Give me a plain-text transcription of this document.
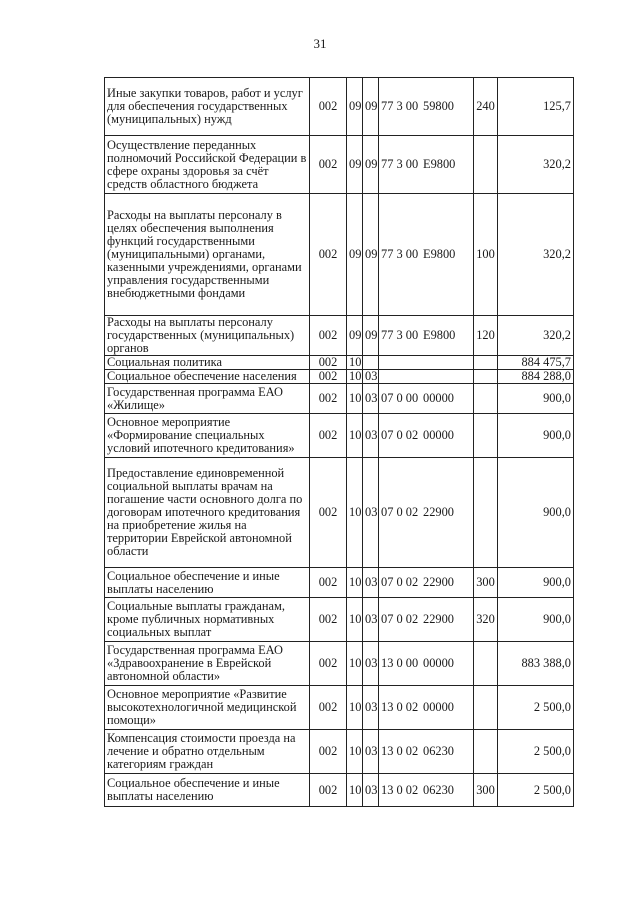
31
Иные закупки товаров, работ и услуг для обеспечения государственных (муниципальных) нужд	002	09	09	77 3 00 59800	240	125,7
Осуществление переданных полномочий Российской Федерации в сфере охраны здоровья за счёт средств областного бюджета	002	09	09	77 3 00 E9800		320,2
Расходы на выплаты персоналу в целях обеспечения выполнения функций государственными (муниципальными) органами, казенными учреждениями, органами управления государственными внебюджетными фондами	002	09	09	77 3 00 E9800	100	320,2
Расходы на выплаты персоналу государственных (муниципальных) органов	002	09	09	77 3 00 E9800	120	320,2
Социальная политика	002	10				884 475,7
Социальное обеспечение населения	002	10	03			884 288,0
Государственная программа ЕАО «Жилище»	002	10	03	07 0 00 00000		900,0
Основное мероприятие «Формирование специальных условий ипотечного кредитования»	002	10	03	07 0 02 00000		900,0
Предоставление единовременной социальной выплаты врачам на погашение части основного долга по договорам ипотечного кредитования на приобретение жилья на территории Еврейской автономной области	002	10	03	07 0 02 22900		900,0
Социальное обеспечение и иные выплаты населению	002	10	03	07 0 02 22900	300	900,0
Социальные выплаты гражданам, кроме публичных нормативных социальных выплат	002	10	03	07 0 02 22900	320	900,0
Государственная программа ЕАО «Здравоохранение в Еврейской автономной области»	002	10	03	13 0 00 00000		883 388,0
Основное мероприятие «Развитие высокотехнологичной медицинской помощи»	002	10	03	13 0 02 00000		2 500,0
Компенсация стоимости проезда на лечение и обратно отдельным категориям граждан	002	10	03	13 0 02 06230		2 500,0
Социальное обеспечение и иные выплаты населению	002	10	03	13 0 02 06230	300	2 500,0
